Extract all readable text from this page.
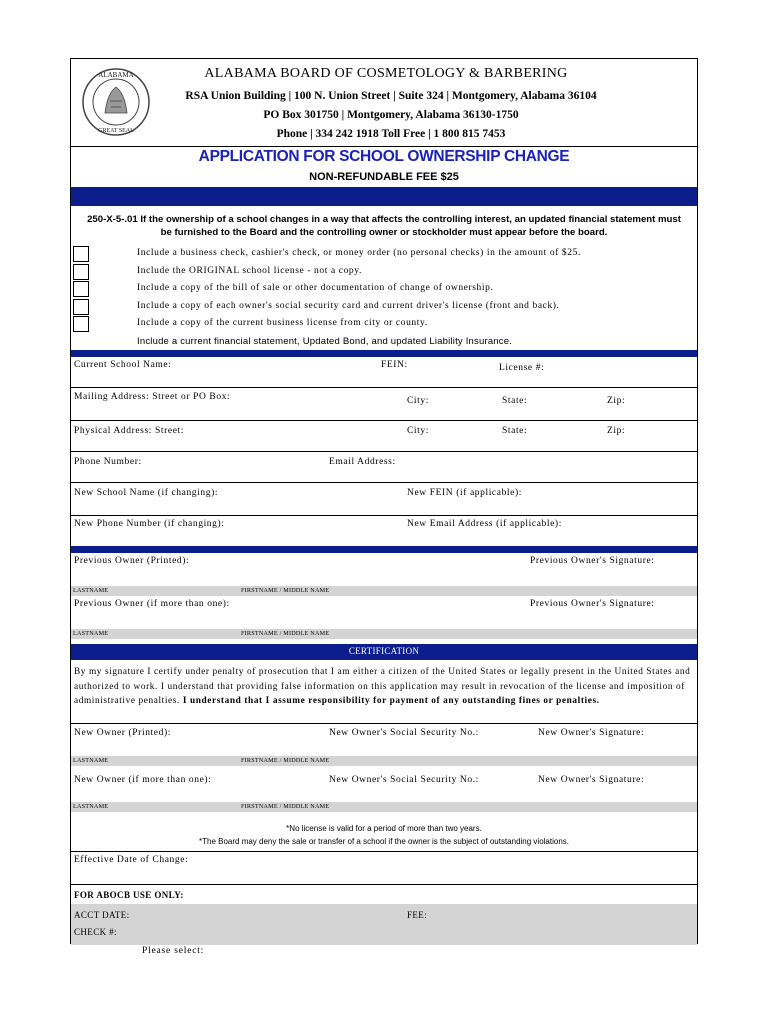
ALABAMA
GREAT SEAL
ALABAMA BOARD OF COSMETOLOGY & BARBERING
RSA Union Building | 100 N. Union Street | Suite 324 | Montgomery, Alabama 36104
PO Box 301750 | Montgomery, Alabama 36130-1750
Phone | 334 242 1918 Toll Free | 1 800 815 7453
APPLICATION FOR SCHOOL OWNERSHIP CHANGE
NON-REFUNDABLE FEE $25
250-X-5-.01 If the ownership of a school changes in a way that affects the controlling interest, an updated financial statement must be furnished to the Board and the controlling owner or stockholder must appear before the board.
Include a business check, cashier's check, or money order (no personal checks) in the amount of $25.
Include the ORIGINAL school license - not a copy.
Include a copy of the bill of sale or other documentation of change of ownership.
Include a copy of each owner's social security card and current driver's license (front and back).
Include a copy of the current business license from city or county.
Include a current financial statement, Updated Bond, and updated Liability Insurance.
Current School Name:	FEIN:	License #:
Mailing Address: Street or PO Box:	City:	State:	Zip:
Physical Address: Street:	City:	State:	Zip:
Phone Number:	Email Address:
New School Name (if changing):	New FEIN (if applicable):
New Phone Number (if changing):	New Email Address (if applicable):
Previous Owner (Printed):	Previous Owner's Signature:
LASTNAME	FIRSTNAME / MIDDLE NAME
Previous Owner (if more than one):	Previous Owner's Signature:
LASTNAME	FIRSTNAME / MIDDLE NAME
CERTIFICATION
By my signature I certify under penalty of prosecution that I am either a citizen of the United States or legally present in the United States and authorized to work. I understand that providing false information on this application may result in revocation of the license and imposition of administrative penalties. I understand that I assume responsibility for payment of any outstanding fines or penalties.
New Owner (Printed):	New Owner's Social Security No.:	New Owner's Signature:
LASTNAME	FIRSTNAME / MIDDLE NAME
New Owner (if more than one):	New Owner's Social Security No.:	New Owner's Signature:
LASTNAME	FIRSTNAME / MIDDLE NAME
*No license is valid for a period of more than two years.
*The Board may deny the sale or transfer of a school if the owner is the subject of outstanding violations.
Effective Date of Change:
FOR ABOCB USE ONLY:
ACCT DATE:	FEE:
CHECK #:
Please select:
